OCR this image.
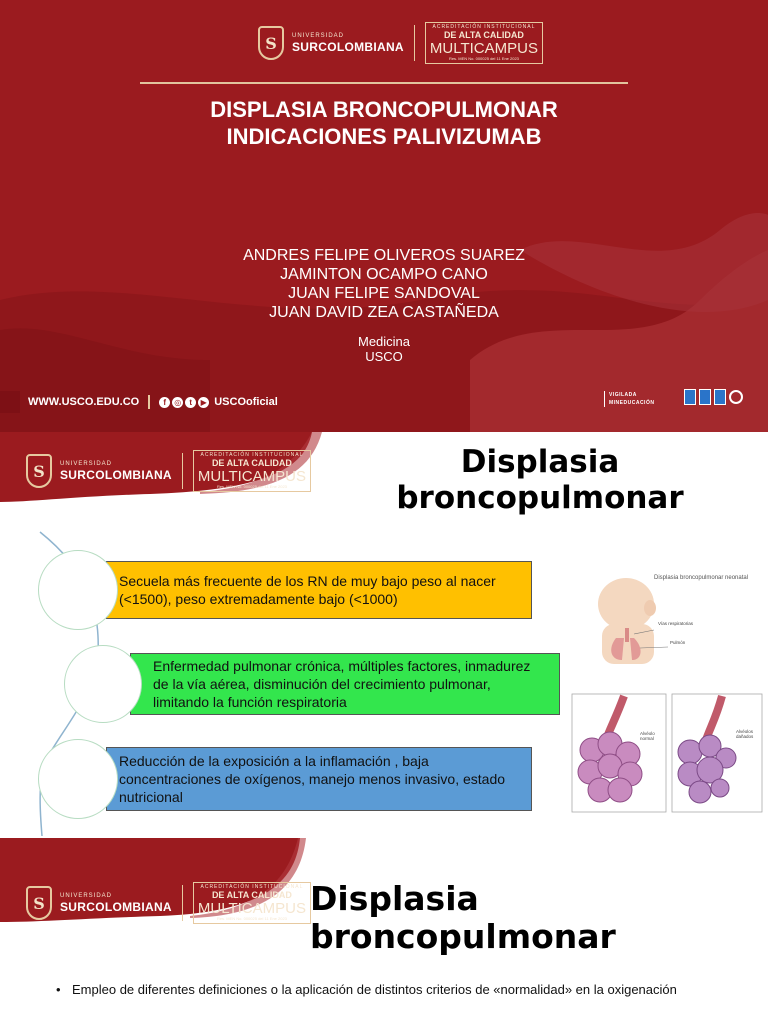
S	UNIVERSIDAD
SURCOLOMBIANA
ACREDITACIÓN INSTITUCIONAL
DE ALTA CALIDAD
MULTICAMPUS
Res. MEN No. 000025 del 11 Ene 2023
DISPLASIA BRONCOPULMONAR
INDICACIONES PALIVIZUMAB
ANDRES FELIPE OLIVEROS SUAREZ
JAMINTON OCAMPO CANO
JUAN FELIPE SANDOVAL
JUAN DAVID ZEA CASTAÑEDA
Medicina
USCO
WWW.USCO.EDU.CO	f	◎	t	▶ USCOoficial
VIGILADA
MINEDUCACIÓN
S	UNIVERSIDAD
SURCOLOMBIANA
ACREDITACIÓN INSTITUCIONAL
DE ALTA CALIDAD
MULTICAMPUS
Res. MEN No. 000025 del 11 Ene 2023
Displasia
broncopulmonar
Secuela más frecuente de los RN de muy bajo peso al nacer (<1500), peso extremadamente bajo (<1000)
Enfermedad pulmonar crónica, múltiples factores, inmadurez de la vía aérea, disminución del crecimiento pulmonar, limitando la función respiratoria
Reducción de la exposición a la inflamación , baja concentraciones de oxígenos, manejo menos invasivo, estado nutricional
Displasia broncopulmonar neonatal
Vías respiratorias
Pulmón
Alvéolo normal
Alvéolos dañados
S	UNIVERSIDAD
SURCOLOMBIANA
ACREDITACIÓN INSTITUCIONAL
DE ALTA CALIDAD
MULTICAMPUS
Res. MEN No. 000025 del 11 Ene 2023
Displasia
broncopulmonar
• Empleo de diferentes definiciones o la aplicación de distintos criterios de «normalidad» en la oxigenación
